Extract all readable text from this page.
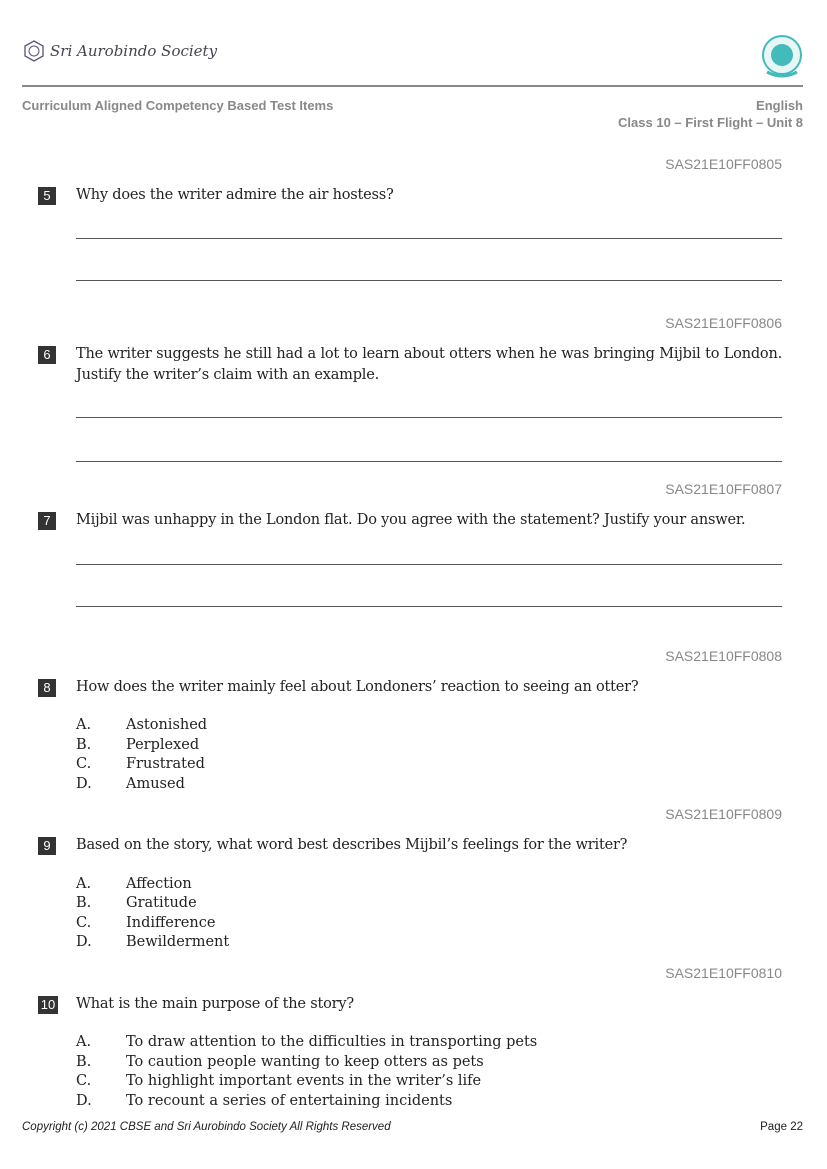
Sri Aurobindo Society
Curriculum Aligned Competency Based Test Items	English
Class 10 – First Flight – Unit 8
SAS21E10FF0805
5	Why does the writer admire the air hostess?
SAS21E10FF0806
6	The writer suggests he still had a lot to learn about otters when he was bringing Mijbil to London. Justify the writer’s claim with an example.
SAS21E10FF0807
7	Mijbil was unhappy in the London flat. Do you agree with the statement? Justify your answer.
SAS21E10FF0808
8	How does the writer mainly feel about Londoners’ reaction to seeing an otter?
A. Astonished
B. Perplexed
C. Frustrated
D. Amused
SAS21E10FF0809
9	Based on the story, what word best describes Mijbil’s feelings for the writer?
A. Affection
B. Gratitude
C. Indifference
D. Bewilderment
SAS21E10FF0810
10 What is the main purpose of the story?
A. To draw attention to the difficulties in transporting pets
B. To caution people wanting to keep otters as pets
C. To highlight important events in the writer’s life
D. To recount a series of entertaining incidents
Copyright (c) 2021 CBSE and Sri Aurobindo Society All Rights Reserved	Page 22
